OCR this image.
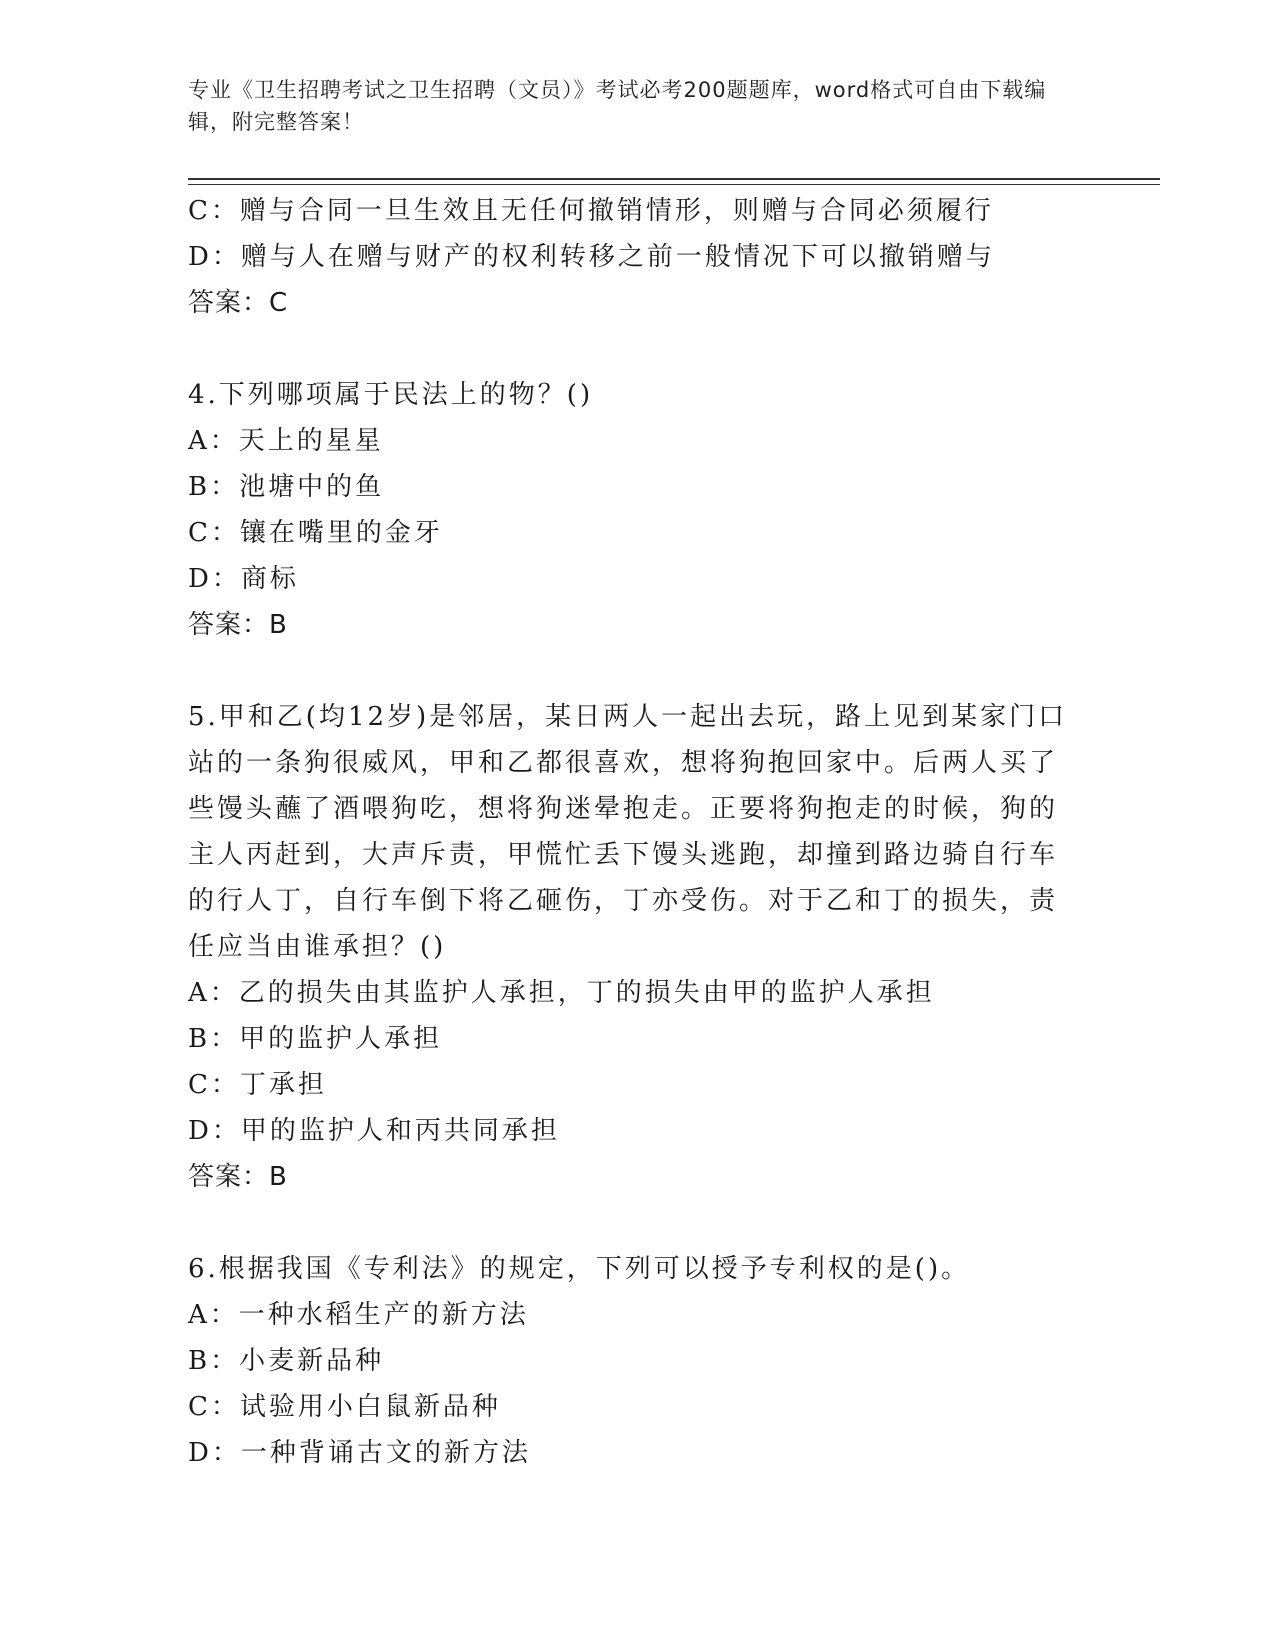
专业《卫生招聘考试之卫生招聘（文员）》考试必考200题题库，word格式可自由下载编辑，附完整答案！
C：赠与合同一旦生效且无任何撤销情形，则赠与合同必须履行
D：赠与人在赠与财产的权利转移之前一般情况下可以撤销赠与
答案：C
4.下列哪项属于民法上的物？()
A：天上的星星
B：池塘中的鱼
C：镶在嘴里的金牙
D：商标
答案：B
5.甲和乙(均12岁)是邻居，某日两人一起出去玩，路上见到某家门口站的一条狗很威风，甲和乙都很喜欢，想将狗抱回家中。后两人买了些馒头蘸了酒喂狗吃，想将狗迷晕抱走。正要将狗抱走的时候，狗的主人丙赶到，大声斥责，甲慌忙丢下馒头逃跑，却撞到路边骑自行车的行人丁，自行车倒下将乙砸伤，丁亦受伤。对于乙和丁的损失，责任应当由谁承担？()
A：乙的损失由其监护人承担，丁的损失由甲的监护人承担
B：甲的监护人承担
C：丁承担
D：甲的监护人和丙共同承担
答案：B
6.根据我国《专利法》的规定，下列可以授予专利权的是()。
A：一种水稻生产的新方法
B：小麦新品种
C：试验用小白鼠新品种
D：一种背诵古文的新方法
